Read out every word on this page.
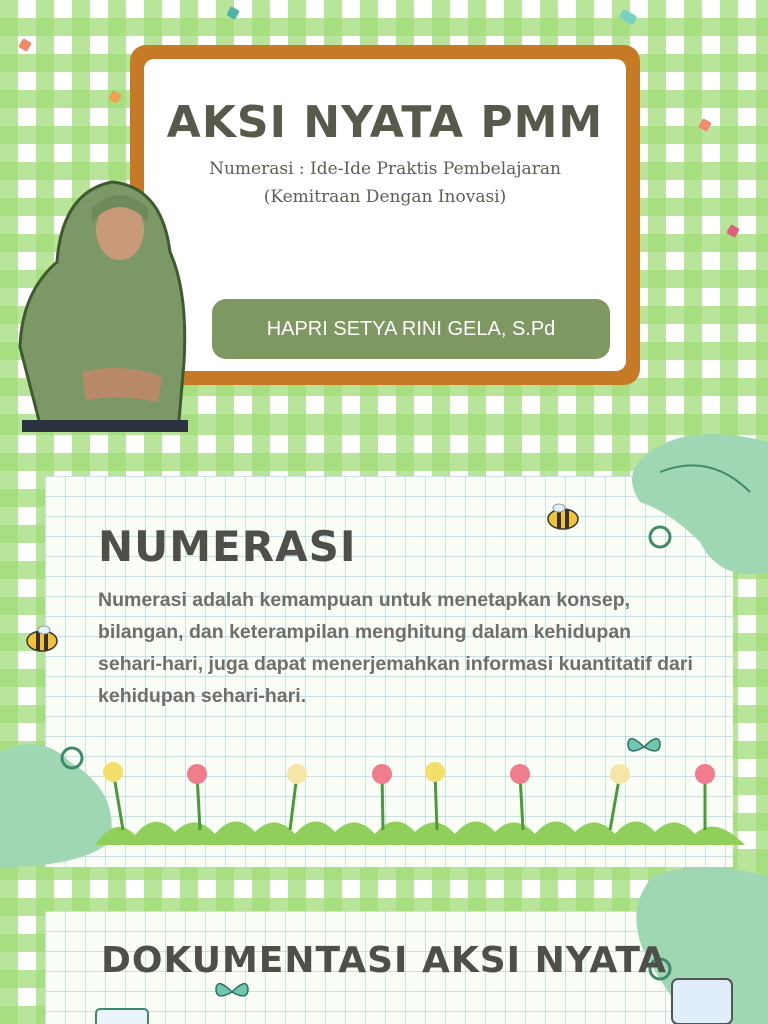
AKSI NYATA PMM
Numerasi : Ide-Ide Praktis Pembelajaran
(Kemitraan Dengan Inovasi)
HAPRI SETYA RINI GELA, S.Pd
NUMERASI
Numerasi adalah kemampuan untuk menetapkan konsep, bilangan, dan keterampilan menghitung dalam kehidupan sehari-hari, juga dapat menerjemahkan informasi kuantitatif dari kehidupan sehari-hari.
DOKUMENTASI AKSI NYATA
